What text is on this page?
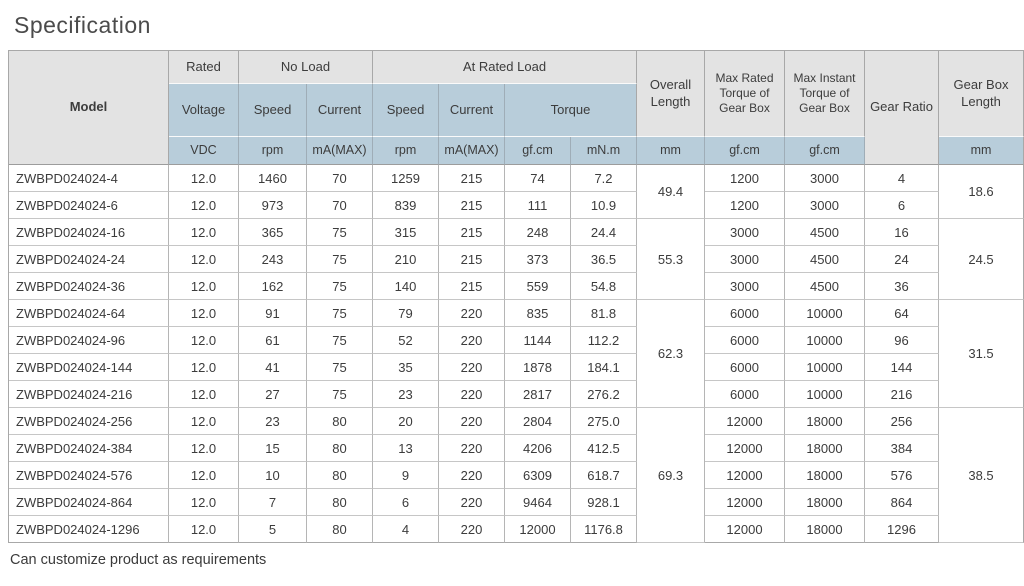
Specification
Model	Rated	No Load		At Rated Load				Overall Length	Max Rated Torque of Gear Box	Max Instant Torque of Gear Box	Gear Ratio	Gear Box Length
	Voltage	Speed	Current	Speed	Current	Torque						
	VDC	rpm	mA(MAX)	rpm	mA(MAX)	gf.cm	mN.m	mm	gf.cm	gf.cm		mm
ZWBPD024024-4	12.0	1460	70	1259	215	74	7.2	49.4	1200	3000	4	18.6
ZWBPD024024-6	12.0	973	70	839	215	111	10.9		1200	3000	6	
ZWBPD024024-16	12.0	365	75	315	215	248	24.4	55.3	3000	4500	16	24.5
ZWBPD024024-24	12.0	243	75	210	215	373	36.5		3000	4500	24	
ZWBPD024024-36	12.0	162	75	140	215	559	54.8		3000	4500	36	
ZWBPD024024-64	12.0	91	75	79	220	835	81.8	62.3	6000	10000	64	31.5
ZWBPD024024-96	12.0	61	75	52	220	1144	112.2		6000	10000	96	
ZWBPD024024-144	12.0	41	75	35	220	1878	184.1		6000	10000	144	
ZWBPD024024-216	12.0	27	75	23	220	2817	276.2		6000	10000	216	
ZWBPD024024-256	12.0	23	80	20	220	2804	275.0	69.3	12000	18000	256	38.5
ZWBPD024024-384	12.0	15	80	13	220	4206	412.5		12000	18000	384	
ZWBPD024024-576	12.0	10	80	9	220	6309	618.7		12000	18000	576	
ZWBPD024024-864	12.0	7	80	6	220	9464	928.1		12000	18000	864	
ZWBPD024024-1296	12.0	5	80	4	220	12000	1176.8		12000	18000	1296	

Can customize product as requirements
